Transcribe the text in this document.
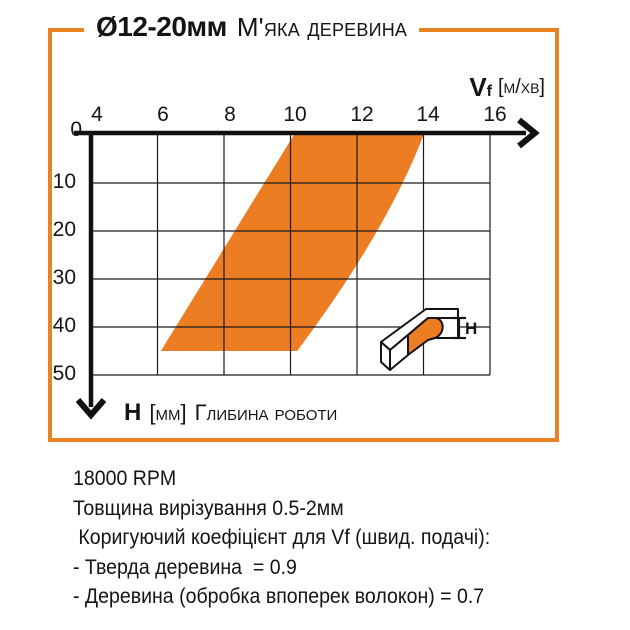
Ø12-20мм М'яка деревина
H
0
4	6	8	10 12 14 16
10
20
30
40
50
V f [м/хв]
H [мм] Глибина роботи
18000 RPM
Товщина вирізування 0.5-2мм
Коригуючий коефіцієнт для Vf (швид. подачі):
- Тверда деревина  = 0.9
- Деревина (обробка впоперек волокон) = 0.7
